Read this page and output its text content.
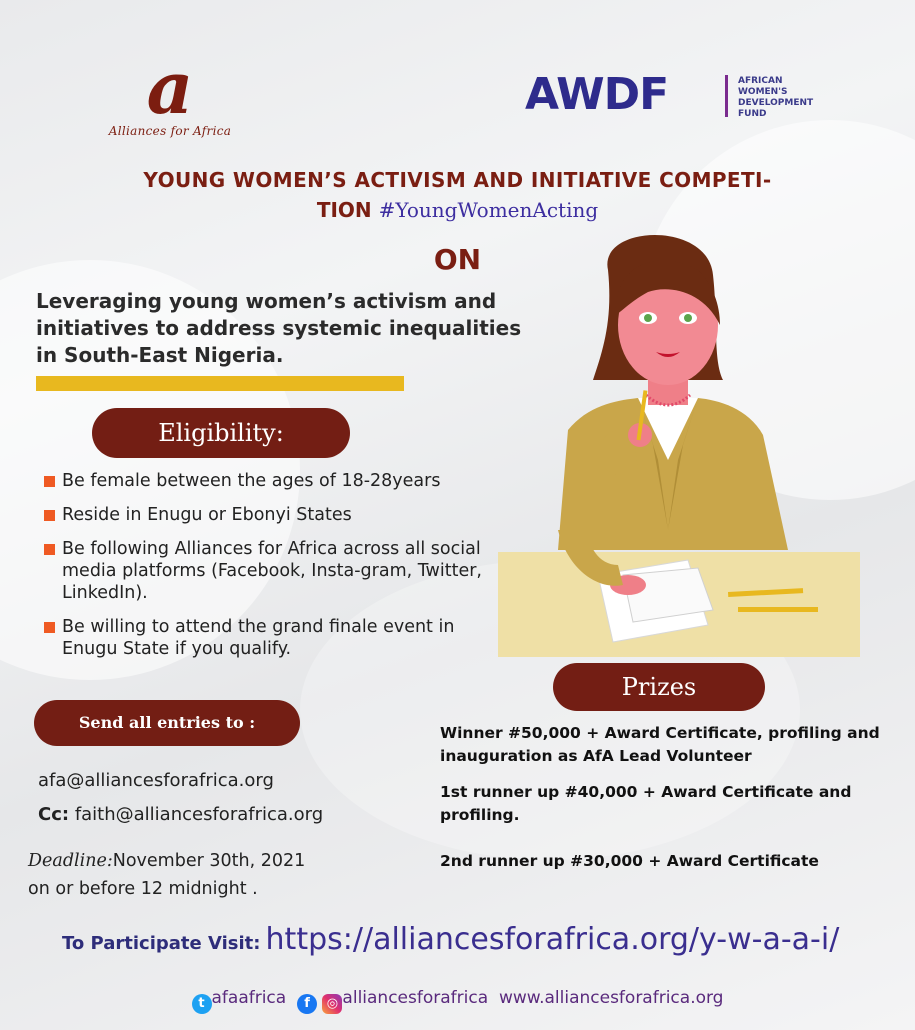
a
Alliances for Africa
AWDF	AFRICAN
WOMEN'S
DEVELOPMENT
FUND
YOUNG WOMEN’S ACTIVISM AND INITIATIVE COMPETI-
TION #YoungWomenActing
ON
Leveraging young women’s activism and initiatives to address systemic inequalities in South-East Nigeria.
Eligibility:
Be female between the ages of 18-28years
Reside in Enugu or Ebonyi States
Be following Alliances for Africa across all social media platforms (Facebook, Insta-gram, Twitter, LinkedIn).
Be willing to attend the grand finale event in Enugu State if you qualify.
Send all entries to :
afa@alliancesforafrica.org
Cc: faith@alliancesforafrica.org
Deadline:November 30th, 2021
on or before 12 midnight .
Prizes
Winner #50,000 + Award Certificate, profiling and inauguration as AfA Lead Volunteer
1st runner up #40,000 + Award Certificate and profiling.
2nd runner up #30,000 + Award Certificate
To Participate Visit: https://alliancesforafrica.org/y-w-a-a-i/
t afaafrica f ◎ alliancesforafrica www.alliancesforafrica.org
